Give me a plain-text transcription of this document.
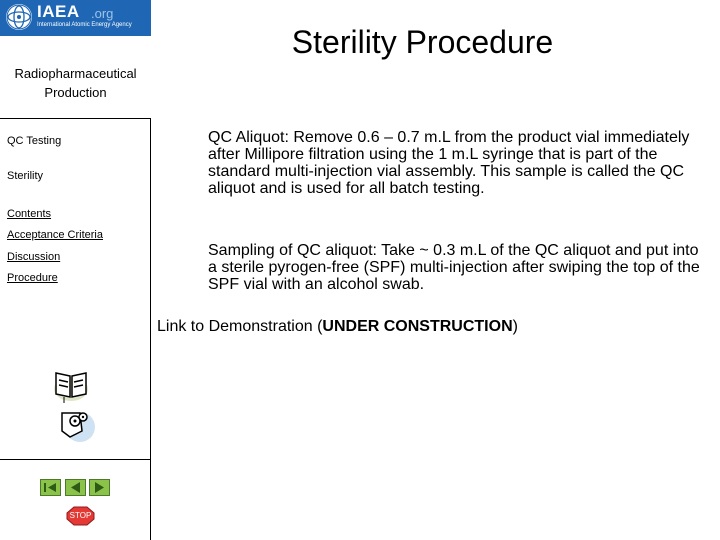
IAEA .org
International Atomic Energy Agency
Radiopharmaceutical Production
QC Testing
Sterility
Contents
Acceptance Criteria
Discussion
Procedure
STOP
Sterility Procedure
QC Aliquot: Remove 0.6 – 0.7 m.L from the product vial immediately after Millipore filtration using the 1 m.L syringe that is part of the standard multi-injection vial assembly. This sample is called the QC aliquot and is used for all batch testing.
Sampling of QC aliquot: Take ~ 0.3 m.L of the QC aliquot and put into a sterile pyrogen-free (SPF) multi-injection after swiping the top of the SPF vial with an alcohol swab.
Link to Demonstration (UNDER CONSTRUCTION)
